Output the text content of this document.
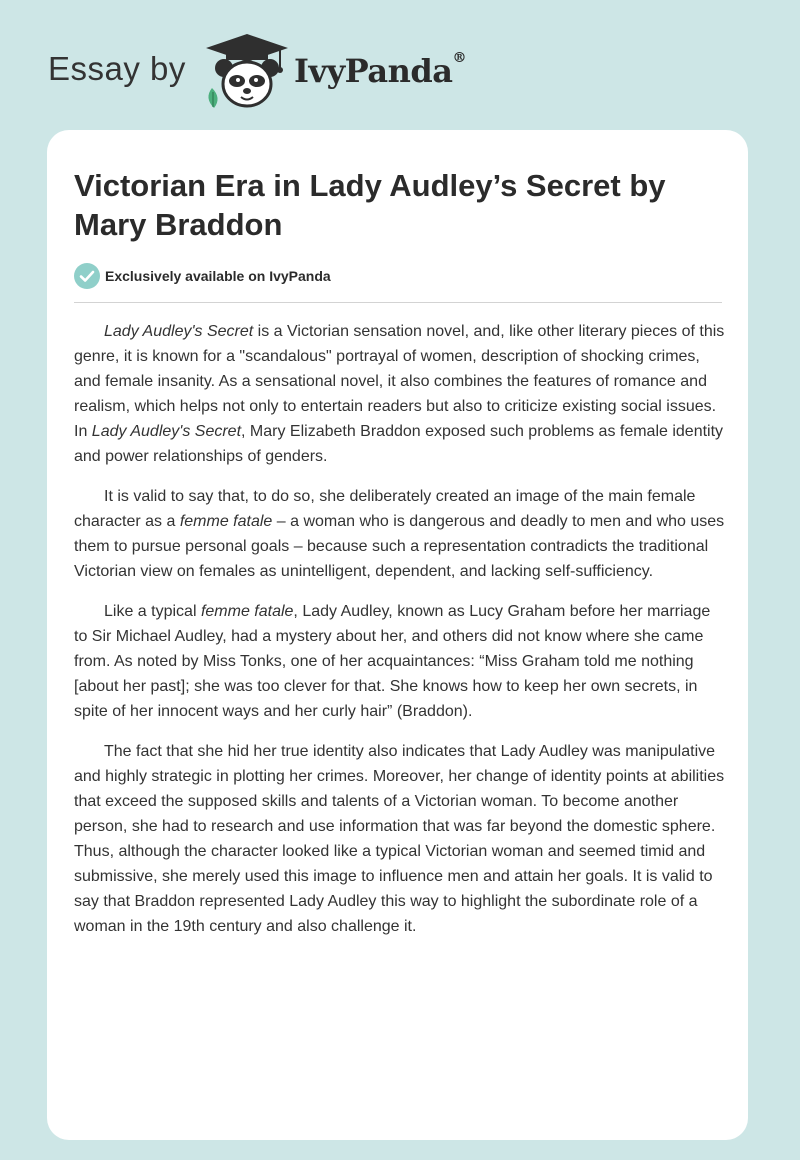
Essay by	IvyPanda®
Victorian Era in Lady Audley’s Secret by Mary Braddon
Exclusively available on IvyPanda

Lady Audley's Secret is a Victorian sensation novel, and, like other literary pieces of this genre, it is known for a "scandalous" portrayal of women, description of shocking crimes, and female insanity. As a sensational novel, it also combines the features of romance and realism, which helps not only to entertain readers but also to criticize existing social issues. In Lady Audley's Secret, Mary Elizabeth Braddon exposed such problems as female identity and power relationships of genders.

It is valid to say that, to do so, she deliberately created an image of the main female character as a femme fatale – a woman who is dangerous and deadly to men and who uses them to pursue personal goals – because such a representation contradicts the traditional Victorian view on females as unintelligent, dependent, and lacking self-sufficiency.

Like a typical femme fatale, Lady Audley, known as Lucy Graham before her marriage to Sir Michael Audley, had a mystery about her, and others did not know where she came from. As noted by Miss Tonks, one of her acquaintances: “Miss Graham told me nothing [about her past]; she was too clever for that. She knows how to keep her own secrets, in spite of her innocent ways and her curly hair” (Braddon).

The fact that she hid her true identity also indicates that Lady Audley was manipulative and highly strategic in plotting her crimes. Moreover, her change of identity points at abilities that exceed the supposed skills and talents of a Victorian woman. To become another person, she had to research and use information that was far beyond the domestic sphere. Thus, although the character looked like a typical Victorian woman and seemed timid and submissive, she merely used this image to influence men and attain her goals. It is valid to say that Braddon represented Lady Audley this way to highlight the subordinate role of a woman in the 19th century and also challenge it.
